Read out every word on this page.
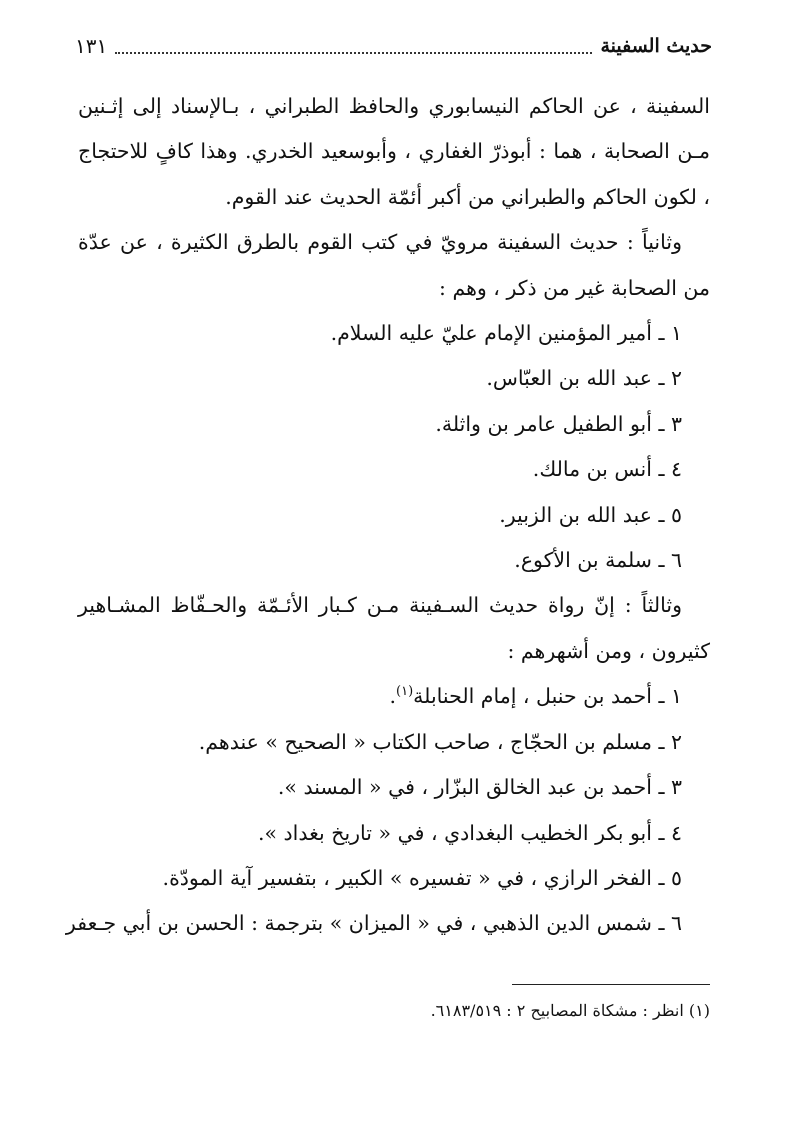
حديث السفينة
١٣١

السفينة ، عن الحاكم النيسابوري والحافظ الطبراني ، بـالإسناد إلى إثـنين مـن الصحابة ، هما : أبوذرّ الغفاري ، وأبوسعيد الخدري. وهذا كافٍ للاحتجاج ، لكون الحاكم والطبراني من أكبر أئمّة الحديث عند القوم.

وثانياً : حديث السفينة مرويّ في كتب القوم بالطرق الكثيرة ، عن عدّة من الصحابة غير من ذكر ، وهم :

١ ـ أمير المؤمنين الإمام عليّ عليه السلام.
٢ ـ عبد الله بن العبّاس.
٣ ـ أبو الطفيل عامر بن واثلة.
٤ ـ أنس بن مالك.
٥ ـ عبد الله بن الزبير.
٦ ـ سلمة بن الأكوع.

وثالثاً : إنّ رواة حديث السـفينة مـن كـبار الأئـمّة والحـفّاظ المشـاهير كثيرون ، ومن أشهرهم :

١ ـ أحمد بن حنبل ، إمام الحنابلة$^{(١)}$.
٢ ـ مسلم بن الحجّاج ، صاحب الكتاب « الصحيح » عندهم.
٣ ـ أحمد بن عبد الخالق البزّار ، في « المسند ».
٤ ـ أبو بكر الخطيب البغدادي ، في « تاريخ بغداد ».
٥ ـ الفخر الرازي ، في « تفسيره » الكبير ، بتفسير آية المودّة.
٦ ـ شمس الدين الذهبي ، في « الميزان » بترجمة : الحسن بن أبي جـعفر
(١) انظر : مشكاة المصابيح ٢ : ٦١٨٣/٥١٩.
